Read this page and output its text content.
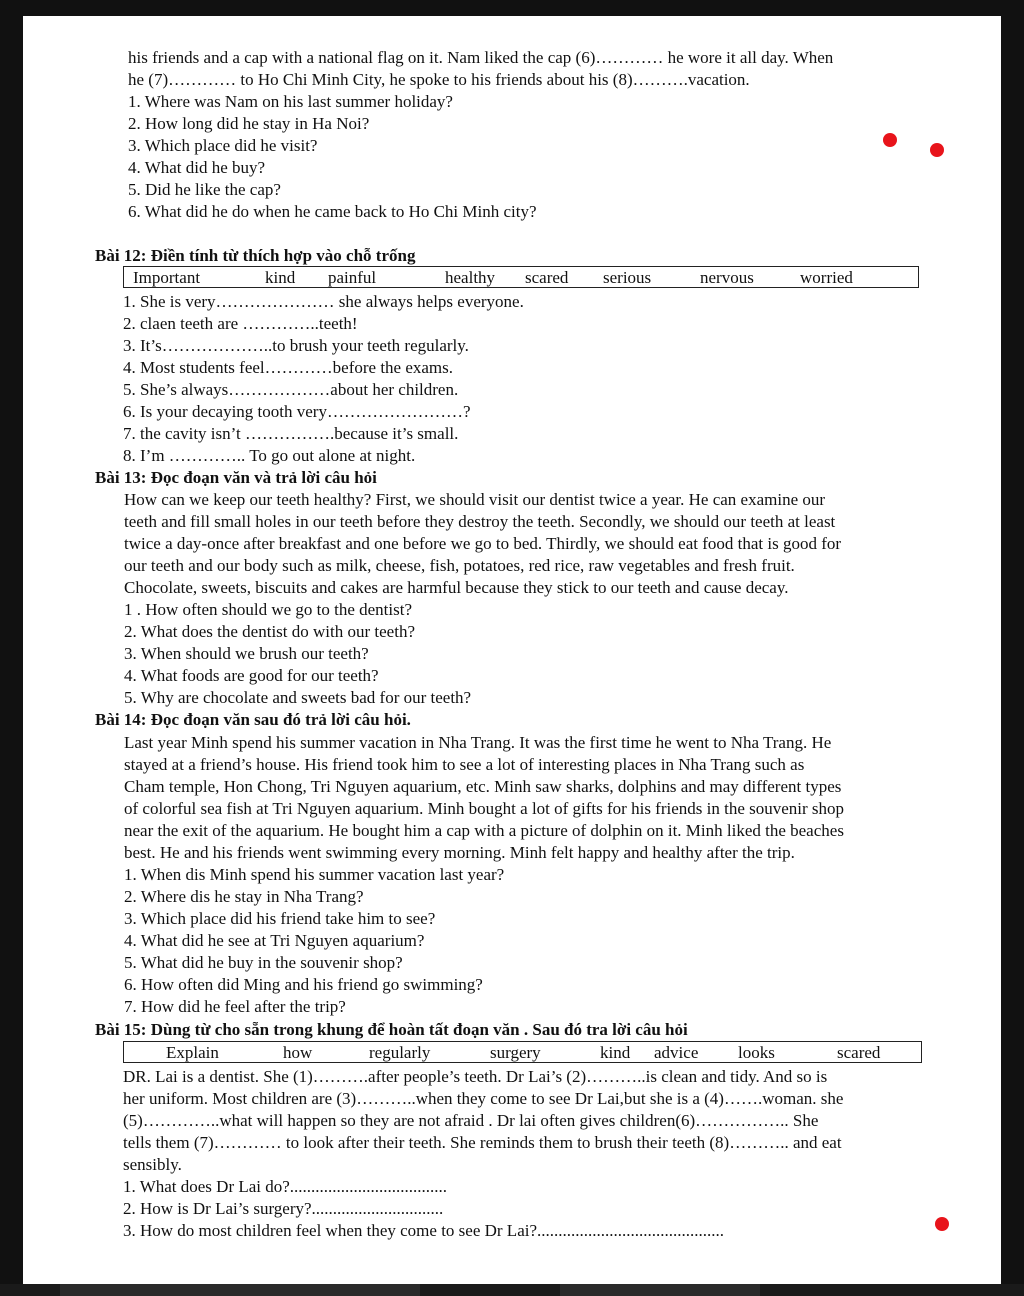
his friends and a cap with a national flag on it. Nam liked the cap (6)………… he wore it all day. When
he (7)………… to Ho Chi Minh City, he spoke to his friends about his (8)……….vacation.
1. Where was Nam on his last summer holiday?
2. How long did he stay in Ha Noi?
3. Which place did he visit?
4. What did he buy?
5. Did he like the cap?
6. What did he do when he came back to Ho Chi Minh city?
Bài 12: Điền tính từ thích hợp vào chỗ trống
Important	kind painful	healthy scared serious	nervous	worried
1. She is very………………… she always helps everyone.
2. claen teeth are …………..teeth!
3. It’s………………..to brush your teeth regularly.
4. Most students feel…………before the exams.
5. She’s always………………about her children.
6. Is your decaying tooth very……………………?
7. the cavity isn’t …………….because it’s small.
8. I’m ………….. To go out alone at night.
Bài 13: Đọc đoạn văn và trả lời câu hỏi
How can we keep our teeth healthy? First, we should visit our dentist twice a year. He can examine our
teeth and fill small holes in our teeth before they destroy the teeth. Secondly, we should our teeth at least
twice a day-once after breakfast and one before we go to bed. Thirdly, we should eat food that is good for
our teeth and our body such as milk, cheese, fish, potatoes, red rice, raw vegetables and fresh fruit.
Chocolate, sweets, biscuits and cakes are harmful because they stick to our teeth and cause decay.
1 . How often should we go to the dentist?
2. What does the dentist do with our teeth?
3. When should we brush our teeth?
4. What foods are good for our teeth?
5. Why are chocolate and sweets bad for our teeth?
Bài 14: Đọc đoạn văn sau đó trả lời câu hỏi.
Last year Minh spend his summer vacation in Nha Trang. It was the first time he went to Nha Trang. He
stayed at a friend’s house. His friend took him to see a lot of interesting places in Nha Trang such as
Cham temple, Hon Chong, Tri Nguyen aquarium, etc. Minh saw sharks, dolphins and may different types
of colorful sea fish at Tri Nguyen aquarium. Minh bought a lot of gifts for his friends in the souvenir shop
near the exit of the aquarium. He bought him a cap with a picture of dolphin on it. Minh liked the beaches
best. He and his friends went swimming every morning. Minh felt happy and healthy after the trip.
1. When dis Minh spend his summer vacation last year?
2. Where dis he stay in Nha Trang?
3. Which place did his friend take him to see?
4. What did he see at Tri Nguyen aquarium?
5. What did he buy in the souvenir shop?
6. How often did Ming and his friend go swimming?
7. How did he feel after the trip?
Bài 15: Dùng từ cho sẵn trong khung để hoàn tất đoạn văn . Sau đó tra lời câu hỏi
Explain	how	regularly	surgery	kind advice looks	scared
DR. Lai is a dentist. She (1)……….after people’s teeth. Dr Lai’s (2)………..is clean and tidy. And so is
her uniform. Most children are (3)………..when they come to see Dr Lai,but she is a (4)…….woman. she
(5)…………..what will happen so they are not afraid . Dr lai often gives children(6)…………….. She
tells them (7)………… to look after their teeth. She reminds them to brush their teeth (8)……….. and eat
sensibly.
1. What does Dr Lai do?.....................................
2. How is Dr Lai’s surgery?...............................
3. How do most children feel when they come to see Dr Lai?............................................
